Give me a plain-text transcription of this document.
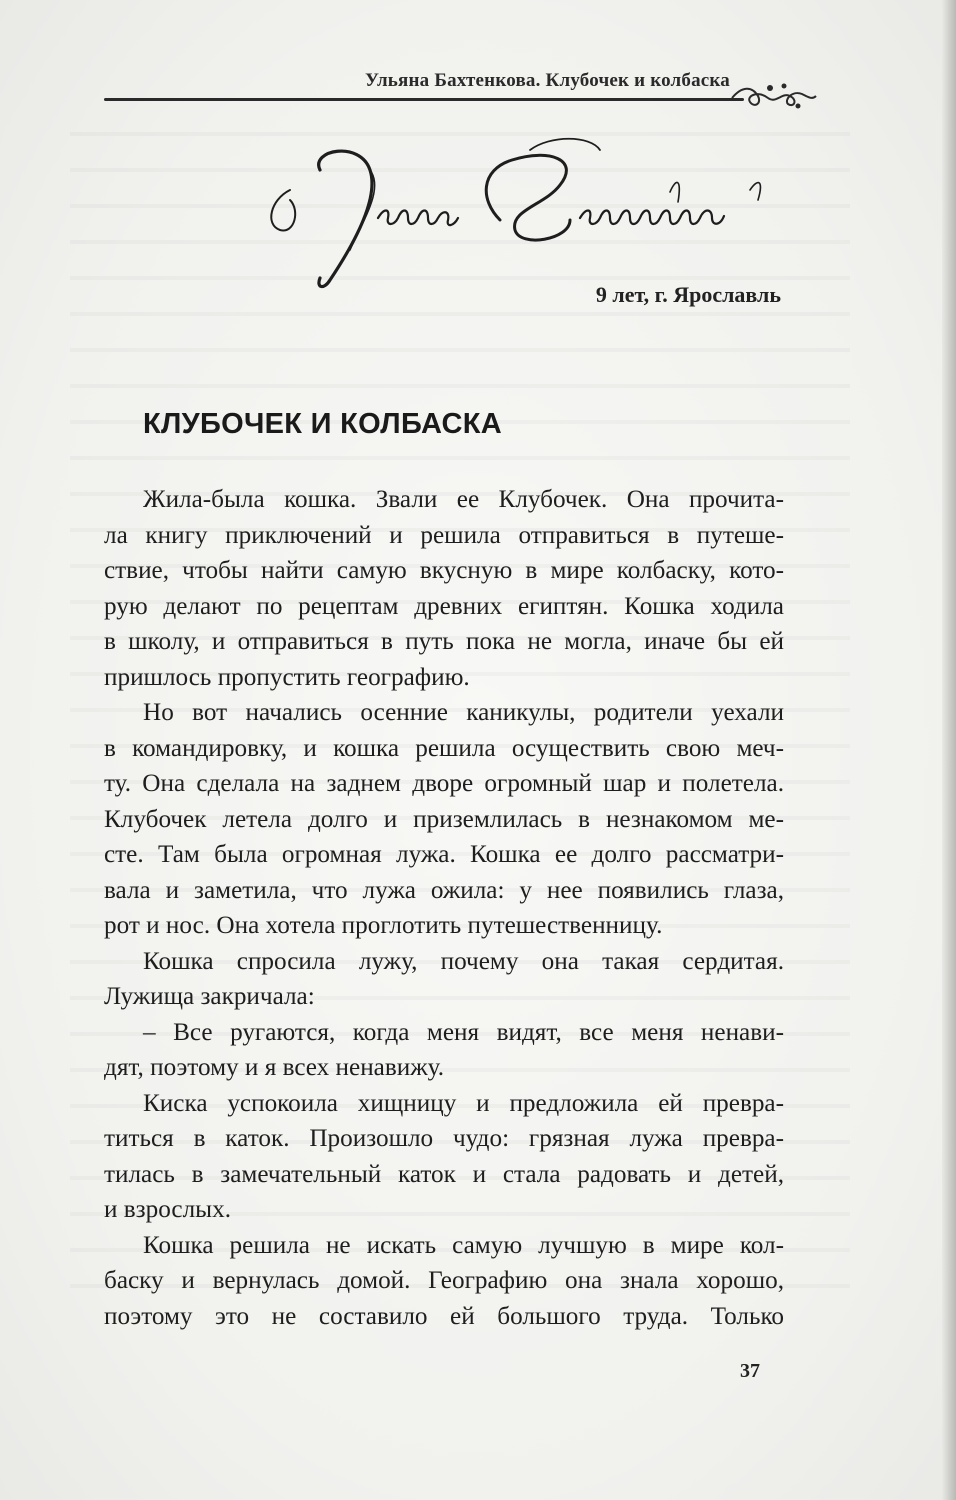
Ульяна Бахтенкова. Клубочек и колбаска
9 лет, г. Ярославль
КЛУБОЧЕК И КОЛБАСКА
Жила-была кошка. Звали ее Клубочек. Она прочита-
ла книгу приключений и решила отправиться в путеше-
ствие, чтобы найти самую вкусную в мире колбаску, кото-
рую делают по рецептам древних египтян. Кошка ходила
в школу, и отправиться в путь пока не могла, иначе бы ей
пришлось пропустить географию.
Но вот начались осенние каникулы, родители уехали
в командировку, и кошка решила осуществить свою меч-
ту. Она сделала на заднем дворе огромный шар и полетела.
Клубочек летела долго и приземлилась в незнакомом ме-
сте. Там была огромная лужа. Кошка ее долго рассматри-
вала и заметила, что лужа ожила: у нее появились глаза,
рот и нос. Она хотела проглотить путешественницу.
Кошка спросила лужу, почему она такая сердитая.
Лужища закричала:
– Все ругаются, когда меня видят, все меня ненави-
дят, поэтому и я всех ненавижу.
Киска успокоила хищницу и предложила ей превра-
титься в каток. Произошло чудо: грязная лужа превра-
тилась в замечательный каток и стала радовать и детей,
и взрослых.
Кошка решила не искать самую лучшую в мире кол-
баску и вернулась домой. Географию она знала хорошо,
поэтому это не составило ей большого труда. Только
37
